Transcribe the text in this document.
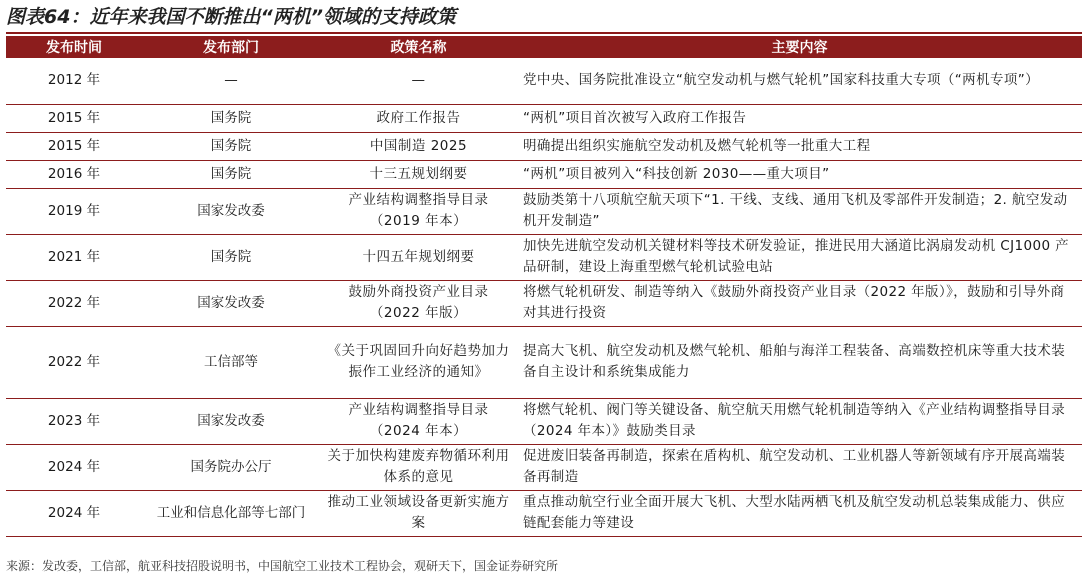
图表64：近年来我国不断推出“两机”领域的支持政策
发布时间	发布部门	政策名称	主要内容
2012 年	—	—	党中央、国务院批准设立“航空发动机与燃气轮机”国家科技重大专项（“两机专项”）
2015 年	国务院	政府工作报告	“两机”项目首次被写入政府工作报告
2015 年	国务院	中国制造 2025	明确提出组织实施航空发动机及燃气轮机等一批重大工程
2016 年	国务院	十三五规划纲要	“两机”项目被列入“科技创新 2030——重大项目”
2019 年	国家发改委	产业结构调整指导目录（2019 年本）	鼓励类第十八项航空航天项下“1. 干线、支线、通用飞机及零部件开发制造；2. 航空发动机开发制造”
2021 年	国务院	十四五年规划纲要	加快先进航空发动机关键材料等技术研发验证，推进民用大涵道比涡扇发动机 CJ1000 产品研制，建设上海重型燃气轮机试验电站
2022 年	国家发改委	鼓励外商投资产业目录（2022 年版）	将燃气轮机研发、制造等纳入《鼓励外商投资产业目录（2022 年版）》，鼓励和引导外商对其进行投资
2022 年	工信部等	《关于巩固回升向好趋势加力振作工业经济的通知》	提高大飞机、航空发动机及燃气轮机、船舶与海洋工程装备、高端数控机床等重大技术装备自主设计和系统集成能力
2023 年	国家发改委	产业结构调整指导目录（2024 年本）	将燃气轮机、阀门等关键设备、航空航天用燃气轮机制造等纳入《产业结构调整指导目录（2024 年本）》鼓励类目录
2024 年	国务院办公厅	关于加快构建废弃物循环利用体系的意见	促进废旧装备再制造，探索在盾构机、航空发动机、工业机器人等新领域有序开展高端装备再制造
2024 年	工业和信息化部等七部门	推动工业领域设备更新实施方案	重点推动航空行业全面开展大飞机、大型水陆两栖飞机及航空发动机总装集成能力、供应链配套能力等建设
来源：发改委，工信部，航亚科技招股说明书，中国航空工业技术工程协会，观研天下，国金证券研究所
